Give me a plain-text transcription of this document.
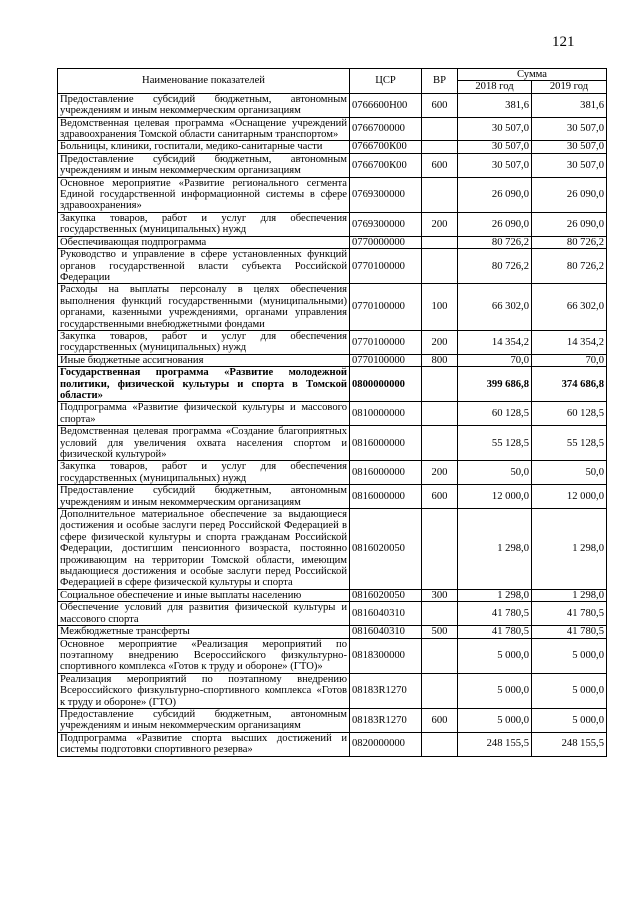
121
Наименование показателей	ЦСР	ВР	Сумма	
			2018 год	2019 год
Предоставление субсидий бюджетным, автономным учреждениям и иным некоммерческим организациям	0766600Н00	600	381,6	381,6
Ведомственная целевая программа «Оснащение учреждений здравоохранения Томской области санитарным транспортом»	0766700000		30 507,0	30 507,0
Больницы, клиники, госпитали, медико-санитарные части	0766700К00		30 507,0	30 507,0
Предоставление субсидий бюджетным, автономным учреждениям и иным некоммерческим организациям	0766700К00	600	30 507,0	30 507,0
Основное мероприятие «Развитие регионального сегмента Единой государственной информационной системы в сфере здравоохранения»	0769300000		26 090,0	26 090,0
Закупка товаров, работ и услуг для обеспечения государственных (муниципальных) нужд	0769300000	200	26 090,0	26 090,0
Обеспечивающая подпрограмма	0770000000		80 726,2	80 726,2
Руководство и управление в сфере установленных функций органов государственной власти субъекта Российской Федерации	0770100000		80 726,2	80 726,2
Расходы на выплаты персоналу в целях обеспечения выполнения функций государственными (муниципальными) органами, казенными учреждениями, органами управления государственными внебюджетными фондами	0770100000	100	66 302,0	66 302,0
Закупка товаров, работ и услуг для обеспечения государственных (муниципальных) нужд	0770100000	200	14 354,2	14 354,2
Иные бюджетные ассигнования	0770100000	800	70,0	70,0
Государственная программа «Развитие молодежной политики, физической культуры и спорта в Томской области»	0800000000		399 686,8	374 686,8
Подпрограмма «Развитие физической культуры и массового спорта»	0810000000		60 128,5	60 128,5
Ведомственная целевая программа «Создание благоприятных условий для увеличения охвата населения спортом и физической культурой»	0816000000		55 128,5	55 128,5
Закупка товаров, работ и услуг для обеспечения государственных (муниципальных) нужд	0816000000	200	50,0	50,0
Предоставление субсидий бюджетным, автономным учреждениям и иным некоммерческим организациям	0816000000	600	12 000,0	12 000,0
Дополнительное материальное обеспечение за выдающиеся достижения и особые заслуги перед Российской Федерацией в сфере физической культуры и спорта гражданам Российской Федерации, достигшим пенсионного возраста, постоянно проживающим на территории Томской области, имеющим выдающиеся достижения и особые заслуги перед Российской Федерацией в сфере физической культуры и спорта	0816020050		1 298,0	1 298,0
Социальное обеспечение и иные выплаты населению	0816020050	300	1 298,0	1 298,0
Обеспечение условий для развития физической культуры и массового спорта	0816040310		41 780,5	41 780,5
Межбюджетные трансферты	0816040310	500	41 780,5	41 780,5
Основное мероприятие «Реализация мероприятий по поэтапному внедрению Всероссийского физкультурно-спортивного комплекса «Готов к труду и обороне» (ГТО)»	0818300000		5 000,0	5 000,0
Реализация мероприятий по поэтапному внедрению Всероссийского физкультурно-спортивного комплекса «Готов к труду и обороне» (ГТО)	08183R1270		5 000,0	5 000,0
Предоставление субсидий бюджетным, автономным учреждениям и иным некоммерческим организациям	08183R1270	600	5 000,0	5 000,0
Подпрограмма «Развитие спорта высших достижений и системы подготовки спортивного резерва»	0820000000		248 155,5	248 155,5
